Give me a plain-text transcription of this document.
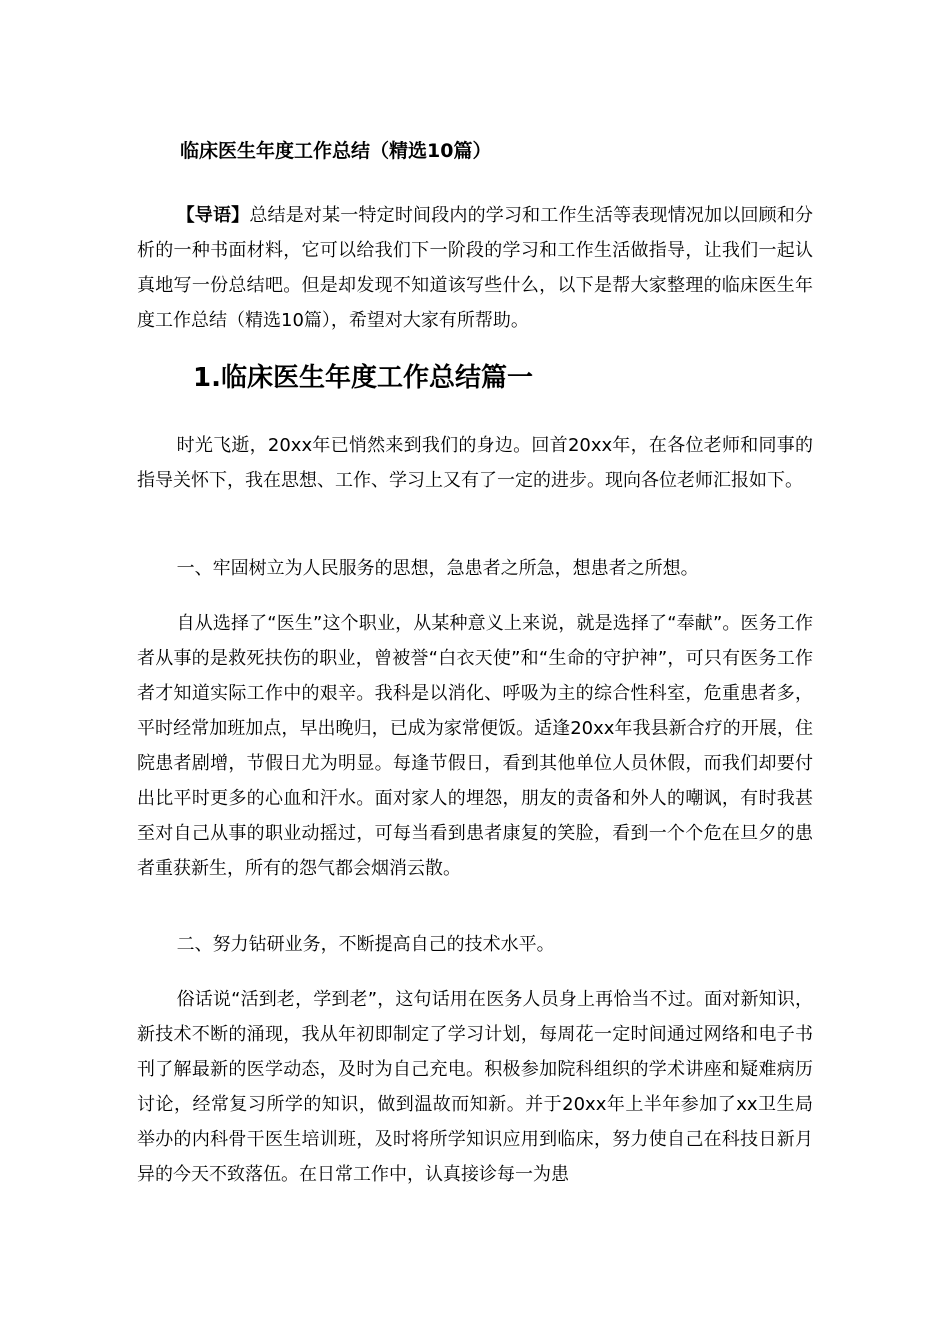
临床医生年度工作总结（精选10篇）

【导语】总结是对某一特定时间段内的学习和工作生活等表现情况加以回顾和分析的一种书面材料，它可以给我们下一阶段的学习和工作生活做指导，让我们一起认真地写一份总结吧。但是却发现不知道该写些什么，以下是帮大家整理的临床医生年度工作总结（精选10篇），希望对大家有所帮助。

1.临床医生年度工作总结篇一

时光飞逝，20xx年已悄然来到我们的身边。回首20xx年，在各位老师和同事的指导关怀下，我在思想、工作、学习上又有了一定的进步。现向各位老师汇报如下。

一、牢固树立为人民服务的思想，急患者之所急，想患者之所想。

自从选择了“医生”这个职业，从某种意义上来说，就是选择了“奉献”。医务工作者从事的是救死扶伤的职业，曾被誉“白衣天使”和“生命的守护神”，可只有医务工作者才知道实际工作中的艰辛。我科是以消化、呼吸为主的综合性科室，危重患者多，平时经常加班加点，早出晚归，已成为家常便饭。适逢20xx年我县新合疗的开展，住院患者剧增，节假日尤为明显。每逢节假日，看到其他单位人员休假，而我们却要付出比平时更多的心血和汗水。面对家人的埋怨，朋友的责备和外人的嘲讽，有时我甚至对自己从事的职业动摇过，可每当看到患者康复的笑脸，看到一个个危在旦夕的患者重获新生，所有的怨气都会烟消云散。

二、努力钻研业务，不断提高自己的技术水平。

俗话说“活到老，学到老”，这句话用在医务人员身上再恰当不过。面对新知识，新技术不断的涌现，我从年初即制定了学习计划，每周花一定时间通过网络和电子书刊了解最新的医学动态，及时为自己充电。积极参加院科组织的学术讲座和疑难病历讨论，经常复习所学的知识，做到温故而知新。并于20xx年上半年参加了xx卫生局举办的内科骨干医生培训班，及时将所学知识应用到临床，努力使自己在科技日新月异的今天不致落伍。在日常工作中，认真接诊每一为患
